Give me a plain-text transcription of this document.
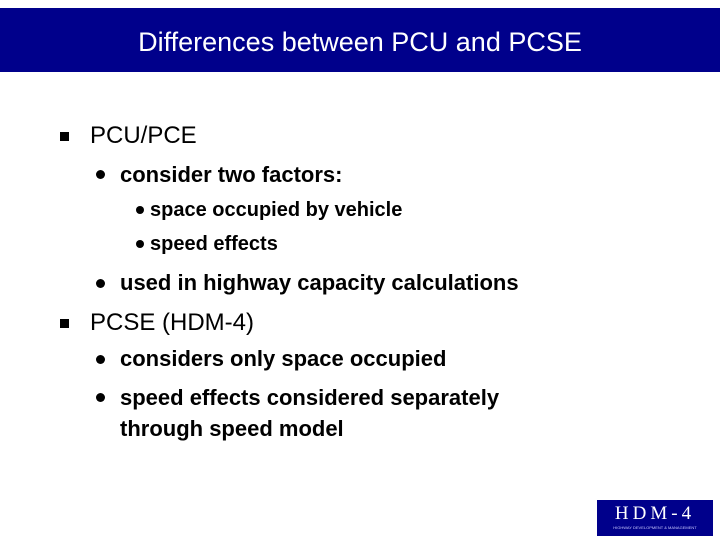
Differences between PCU and PCSE
PCU/PCE
consider two factors:
space occupied by vehicle
speed effects
used in highway capacity calculations
PCSE (HDM-4)
considers only space occupied
speed effects considered separately
through speed model
HDM-4
HIGHWAY DEVELOPMENT & MANAGEMENT
